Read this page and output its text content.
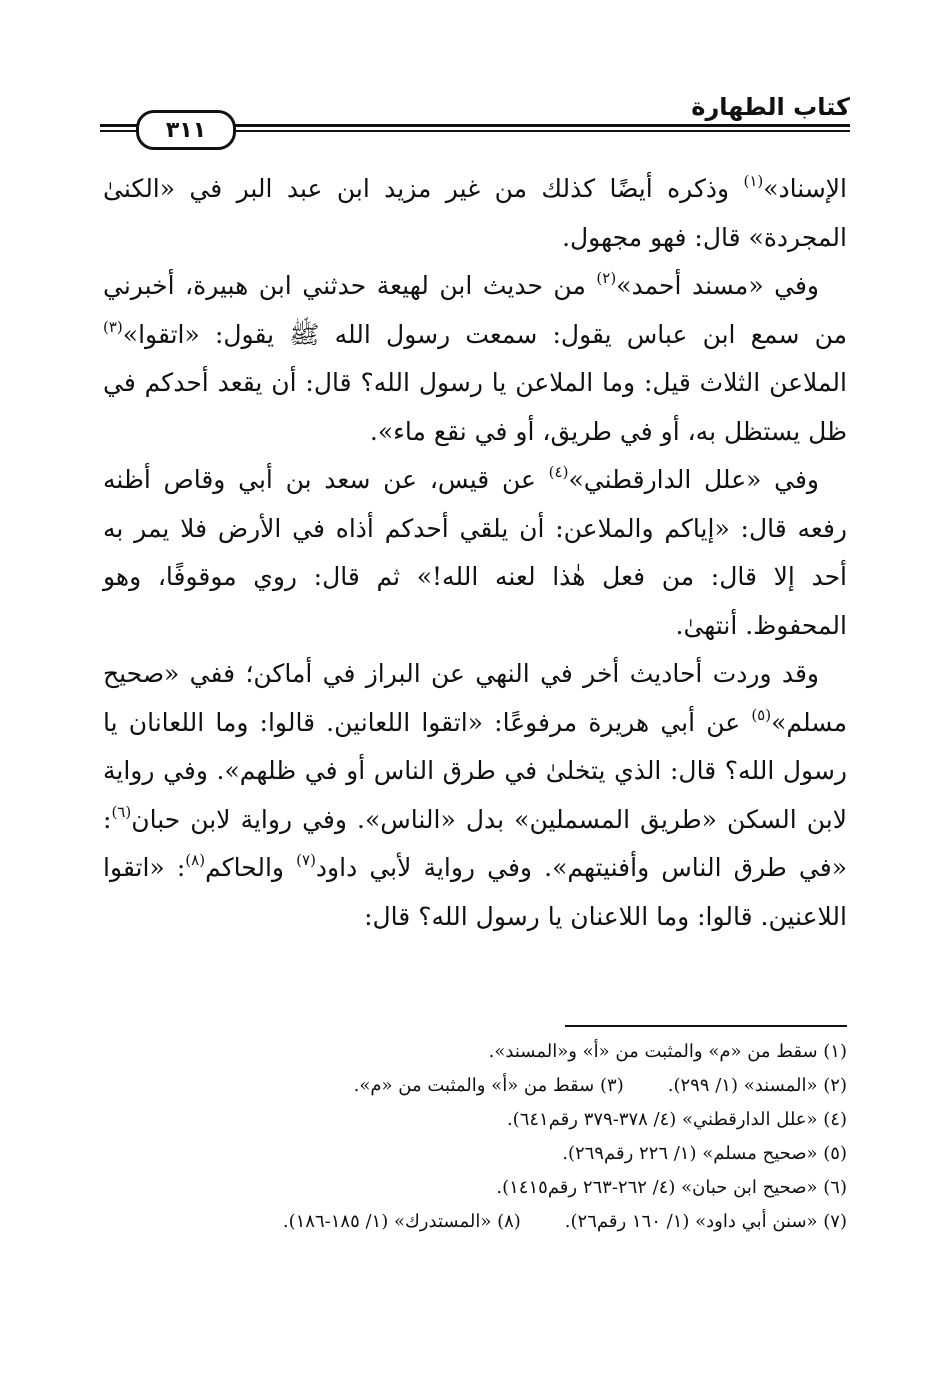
كتاب الطهارة
٣١١

الإسناد»$^{(١)}$ وذكره أيضًا كذلك من غير مزيد ابن عبد البر في «الكنىٰ المجردة» قال: فهو مجهول.

وفي «مسند أحمد»$^{(٢)}$ من حديث ابن لهيعة حدثني ابن هبيرة، أخبرني من سمع ابن عباس يقول: سمعت رسول الله ﷺ يقول: «اتقوا»$^{(٣)}$ الملاعن الثلاث قيل: وما الملاعن يا رسول الله؟ قال: أن يقعد أحدكم في ظل يستظل به، أو في طريق، أو في نقع ماء».

وفي «علل الدارقطني»$^{(٤)}$ عن قيس، عن سعد بن أبي وقاص أظنه رفعه قال: «إياكم والملاعن: أن يلقي أحدكم أذاه في الأرض فلا يمر به أحد إلا قال: من فعل هٰذا لعنه الله!» ثم قال: روي موقوفًا، وهو المحفوظ. أنتهىٰ.

وقد وردت أحاديث أخر في النهي عن البراز في أماكن؛ ففي «صحيح مسلم»$^{(٥)}$ عن أبي هريرة مرفوعًا: «اتقوا اللعانين. قالوا: وما اللعانان يا رسول الله؟ قال: الذي يتخلىٰ في طرق الناس أو في ظلهم». وفي رواية لابن السكن «طريق المسملين» بدل «الناس». وفي رواية لابن حبان$^{(٦)}$: «في طرق الناس وأفنيتهم». وفي رواية لأبي داود$^{(٧)}$ والحاكم$^{(٨)}$: «اتقوا اللاعنين. قالوا: وما اللاعنان يا رسول الله؟ قال:

(١) سقط من «م» والمثبت من «أ» و«المسند».
(٢) «المسند» (١/ ٢٩٩).(٣) سقط من «أ» والمثبت من «م».
(٤) «علل الدارقطني» (٤/ ٣٧٨-٣٧٩ رقم٦٤١).
(٥) «صحيح مسلم» (١/ ٢٢٦ رقم٢٦٩).
(٦) «صحيح ابن حبان» (٤/ ٢٦٢-٢٦٣ رقم١٤١٥).
(٧) «سنن أبي داود» (١/ ١٦٠ رقم٢٦).(٨) «المستدرك» (١/ ١٨٥-١٨٦).
